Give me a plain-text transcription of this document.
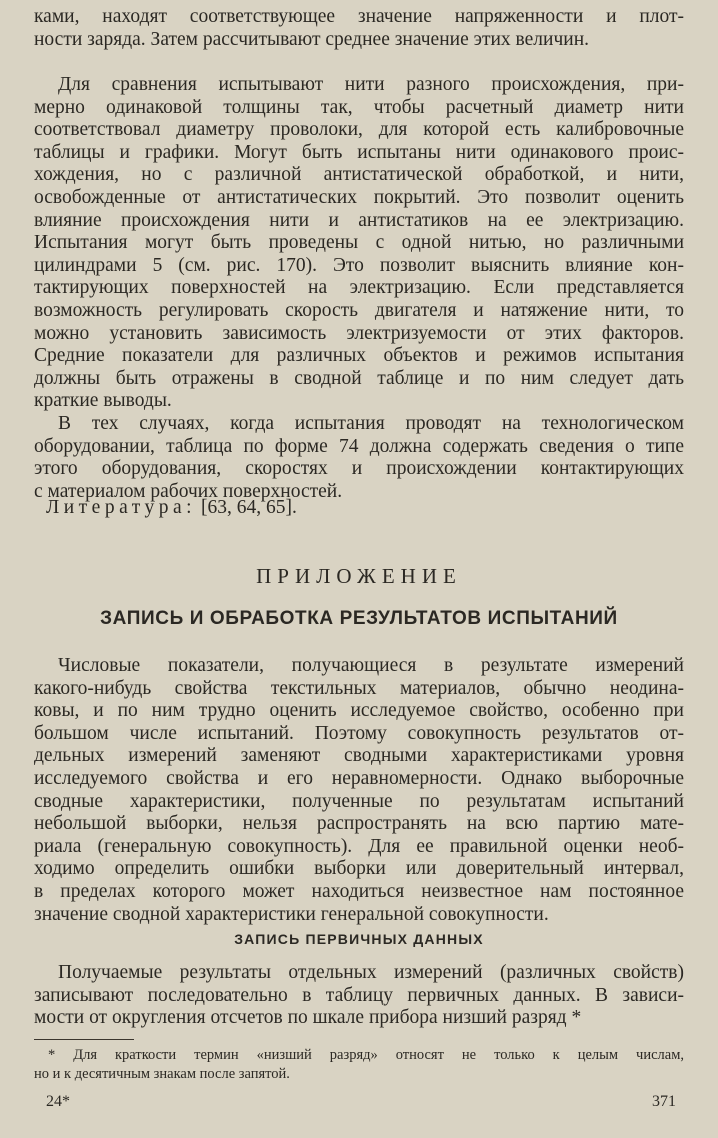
ками, находят соответствующее значение напряженности и плот-
ности заряда. Затем рассчитывают среднее значение этих величин.

Для сравнения испытывают нити разного происхождения, при-
мерно одинаковой толщины так, чтобы расчетный диаметр нити
соответствовал диаметру проволоки, для которой есть калибровочные
таблицы и графики. Могут быть испытаны нити одинакового проис-
хождения, но с различной антистатической обработкой, и нити,
освобожденные от антистатических покрытий. Это позволит оценить
влияние происхождения нити и антистатиков на ее электризацию.
Испытания могут быть проведены с одной нитью, но различными
цилиндрами 5 (см. рис. 170). Это позволит выяснить влияние кон-
тактирующих поверхностей на электризацию. Если представляется
возможность регулировать скорость двигателя и натяжение нити, то
можно установить зависимость электризуемости от этих факторов.
Средние показатели для различных объектов и режимов испытания
должны быть отражены в сводной таблице и по ним следует дать
краткие выводы.

В тех случаях, когда испытания проводят на технологическом
оборудовании, таблица по форме 74 должна содержать сведения о типе
этого оборудования, скоростях и происхождении контактирующих
с материалом рабочих поверхностей.

Литература: [63, 64, 65].

ПРИЛОЖЕНИЕ

ЗАПИСЬ И ОБРАБОТКА РЕЗУЛЬТАТОВ ИСПЫТАНИЙ

Числовые показатели, получающиеся в результате измерений
какого-нибудь свойства текстильных материалов, обычно неодина-
ковы, и по ним трудно оценить исследуемое свойство, особенно при
большом числе испытаний. Поэтому совокупность результатов от-
дельных измерений заменяют сводными характеристиками уровня
исследуемого свойства и его неравномерности. Однако выборочные
сводные характеристики, полученные по результатам испытаний
небольшой выборки, нельзя распространять на всю партию мате-
риала (генеральную совокупность). Для ее правильной оценки необ-
ходимо определить ошибки выборки или доверительный интервал,
в пределах которого может находиться неизвестное нам постоянное
значение сводной характеристики генеральной совокупности.

ЗАПИСЬ ПЕРВИЧНЫХ ДАННЫХ

Получаемые результаты отдельных измерений (различных свойств)
записывают последовательно в таблицу первичных данных. В зависи-
мости от округления отсчетов по шкале прибора низший разряд *

* Для краткости термин «низший разряд» относят не только к целым числам,
но и к десятичным знакам после запятой.

24*	371
